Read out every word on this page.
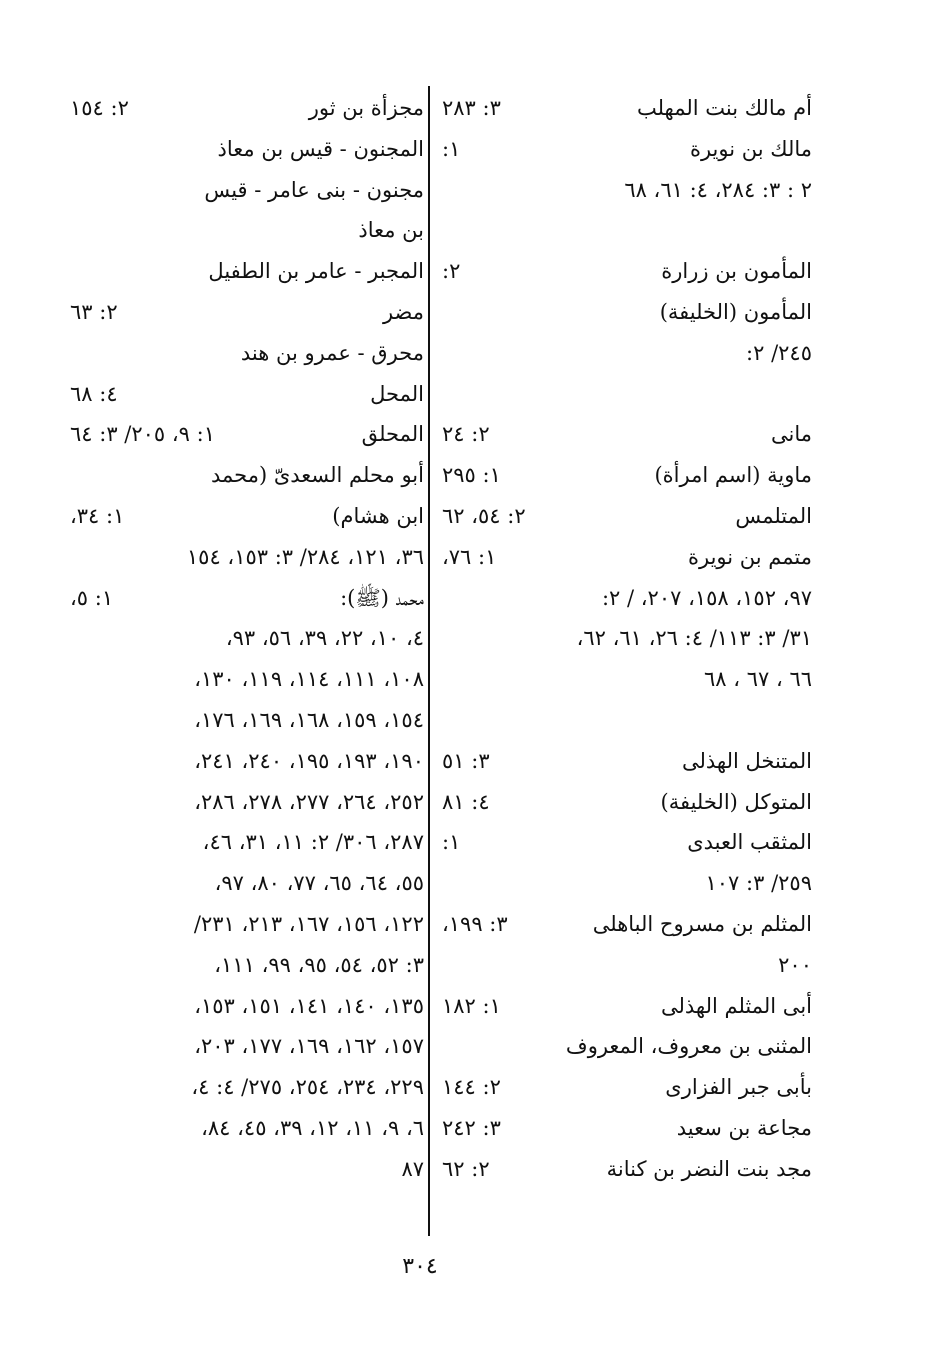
أم مالك بنت المهلب
٣: ٢٨٣
مالك بن نويرة
١:
٢ : ٣: ٢٨٤، ٤: ٦١، ٦٨
المأمون بن زرارة
٢:
المأمون (الخليفة)
٢٤٥/ ٢:
مانى
٢: ٢٤
ماوية (اسم امرأة)
١: ٢٩٥
المتلمس
٢: ٥٤، ٦٢
متمم بن نويرة
١: ٧٦،
٩٧، ١٥٢، ١٥٨، ٢٠٧، / ٢:
٣١/ ٣: ١١٣/ ٤: ٢٦، ٦١، ٦٢،
٦٦ ، ٦٧ ، ٦٨
المتنخل الهذلى
٣: ٥١
المتوكل (الخليفة)
٤: ٨١
المثقب العبدى
١:
٢٥٩/ ٣: ١٠٧
المثلم بن مسروح الباهلى
٣: ١٩٩،
٢٠٠
أبى المثلم الهذلى
١: ١٨٢
المثنى بن معروف، المعروف
بأبى جبر الفزارى
٢: ١٤٤
مجاعة بن سعيد
٣: ٢٤٢
مجد بنت النضر بن كنانة
٢: ٦٢
مجزأة بن ثور
٢: ١٥٤
المجنون - قيس بن معاذ
مجنون - بنى عامر - قيس
بن معاذ
المجبر - عامر بن الطفيل
مضر
٢: ٦٣
محرق - عمرو بن هند
المحل
٤: ٦٨
المحلق
١: ٩، ٢٠٥/ ٣: ٦٤
أبو محلم السعدىّ (محمد
ابن هشام)
١: ٣٤،
٣٦، ١٢١، ٢٨٤/ ٣: ١٥٣، ١٥٤
محمد (ﷺ):
١: ٥،
٤، ١٠، ٢٢، ٣٩، ٥٦، ٩٣،
١٠٨، ١١١، ١١٤، ١١٩، ١٣٠،
١٥٤، ١٥٩، ١٦٨، ١٦٩، ١٧٦،
١٩٠، ١٩٣، ١٩٥، ٢٤٠، ٢٤١،
٢٥٢، ٢٦٤، ٢٧٧، ٢٧٨، ٢٨٦،
٢٨٧، ٣٠٦/ ٢: ١١، ٣١، ٤٦،
٥٥، ٦٤، ٦٥، ٧٧، ٨٠، ٩٧،
١٢٢، ١٥٦، ١٦٧، ٢١٣، ٢٣١/
٣: ٥٢، ٥٤، ٩٥، ٩٩، ١١١،
١٣٥، ١٤٠، ١٤١، ١٥١، ١٥٣،
١٥٧، ١٦٢، ١٦٩، ١٧٧، ٢٠٣،
٢٢٩، ٢٣٤، ٢٥٤، ٢٧٥/ ٤: ٤،
٦، ٩، ١١، ١٢، ٣٩، ٤٥، ٨٤،
٨٧
٣٠٤
